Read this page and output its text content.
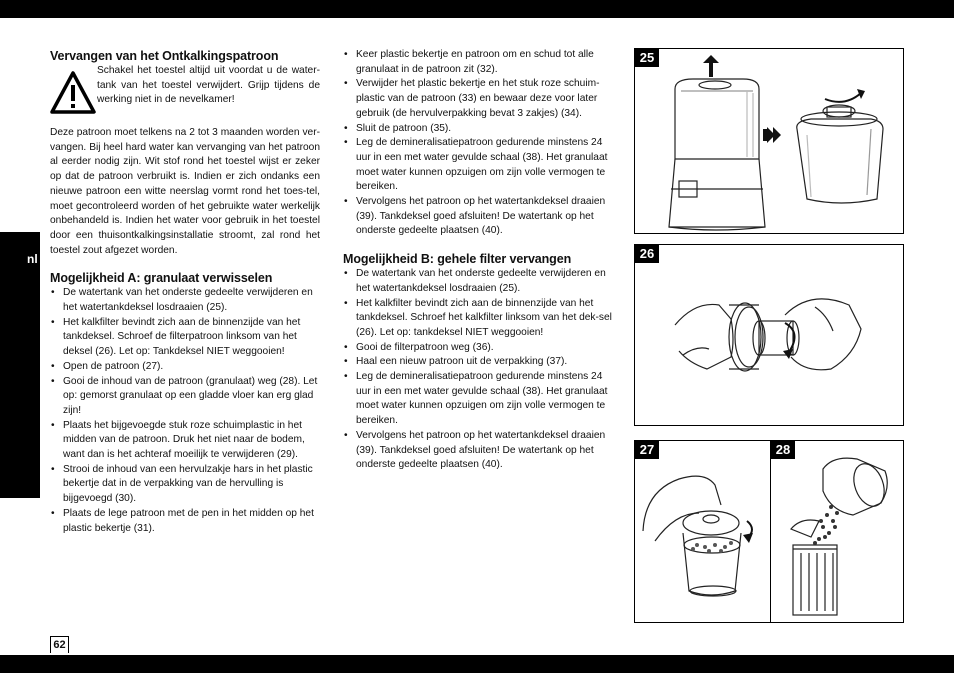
nl
Vervangen van het Ontkalkingspatroon
Schakel het toestel altijd uit voordat u de water-tank van het toestel verwijdert. Grijp tijdens de werking niet in de nevelkamer!

Deze patroon moet telkens na 2 tot 3 maanden worden ver-vangen. Bij heel hard water kan vervanging van het patroon al eerder nodig zijn. Wit stof rond het toestel wijst er zeker op dat de patroon verbruikt is. Indien er zich ondanks een nieuwe patroon een witte neerslag vormt rond het toes-tel, moet gecontroleerd worden of het gebruikte water werkelijk onbehandeld is. Indien het water voor gebruik in het toestel door een thuisontkalkingsinstallatie stroomt, zal rond het toestel zout afgezet worden.

Mogelijkheid A: granulaat verwisselen
• De watertank van het onderste gedeelte verwijderen en het watertankdeksel losdraaien (25).
• Het kalkfilter bevindt zich aan de binnenzijde van het tankdeksel. Schroef de filterpatroon linksom van het deksel (26). Let op: Tankdeksel NIET weggooien!
• Open de patroon (27).
• Gooi de inhoud van de patroon (granulaat) weg (28). Let op: gemorst granulaat op een gladde vloer kan erg glad zijn!
• Plaats het bijgevoegde stuk roze schuimplastic in het midden van de patroon. Druk het niet naar de bodem, want dan is het achteraf moeilijk te verwijderen (29).
• Strooi de inhoud van een hervulzakje hars in het plastic bekertje dat in de verpakking van de hervulling is bijgevoegd (30).
• Plaats de lege patroon met de pen in het midden op het plastic bekertje (31).
• Keer plastic bekertje en patroon om en schud tot alle granulaat in de patroon zit (32).
• Verwijder het plastic bekertje en het stuk roze schuim-plastic van de patroon (33) en bewaar deze voor later gebruik (de hervulverpakking bevat 3 zakjes) (34).
• Sluit de patroon (35).
• Leg de demineralisatiepatroon gedurende minstens 24 uur in een met water gevulde schaal (38). Het granulaat moet water kunnen opzuigen om zijn volle vermogen te bereiken.
• Vervolgens het patroon op het watertankdeksel draaien (39). Tankdeksel goed afsluiten! De watertank op het onderste gedeelte plaatsen (40).
Mogelijkheid B: gehele filter vervangen
• De watertank van het onderste gedeelte verwijderen en het watertankdeksel losdraaien (25).
• Het kalkfilter bevindt zich aan de binnenzijde van het tankdeksel. Schroef het kalkfilter linksom van het dek-sel (26). Let op: tankdeksel NIET weggooien!
• Gooi de filterpatroon weg (36).
• Haal een nieuw patroon uit de verpakking (37).
• Leg de demineralisatiepatroon gedurende minstens 24 uur in een met water gevulde schaal (38). Het granulaat moet water kunnen opzuigen om zijn volle vermogen te bereiken.
• Vervolgens het patroon op het watertankdeksel draaien (39). Tankdeksel goed afsluiten! De watertank op het onderste gedeelte plaatsen (40).
25
26
27	28
62
